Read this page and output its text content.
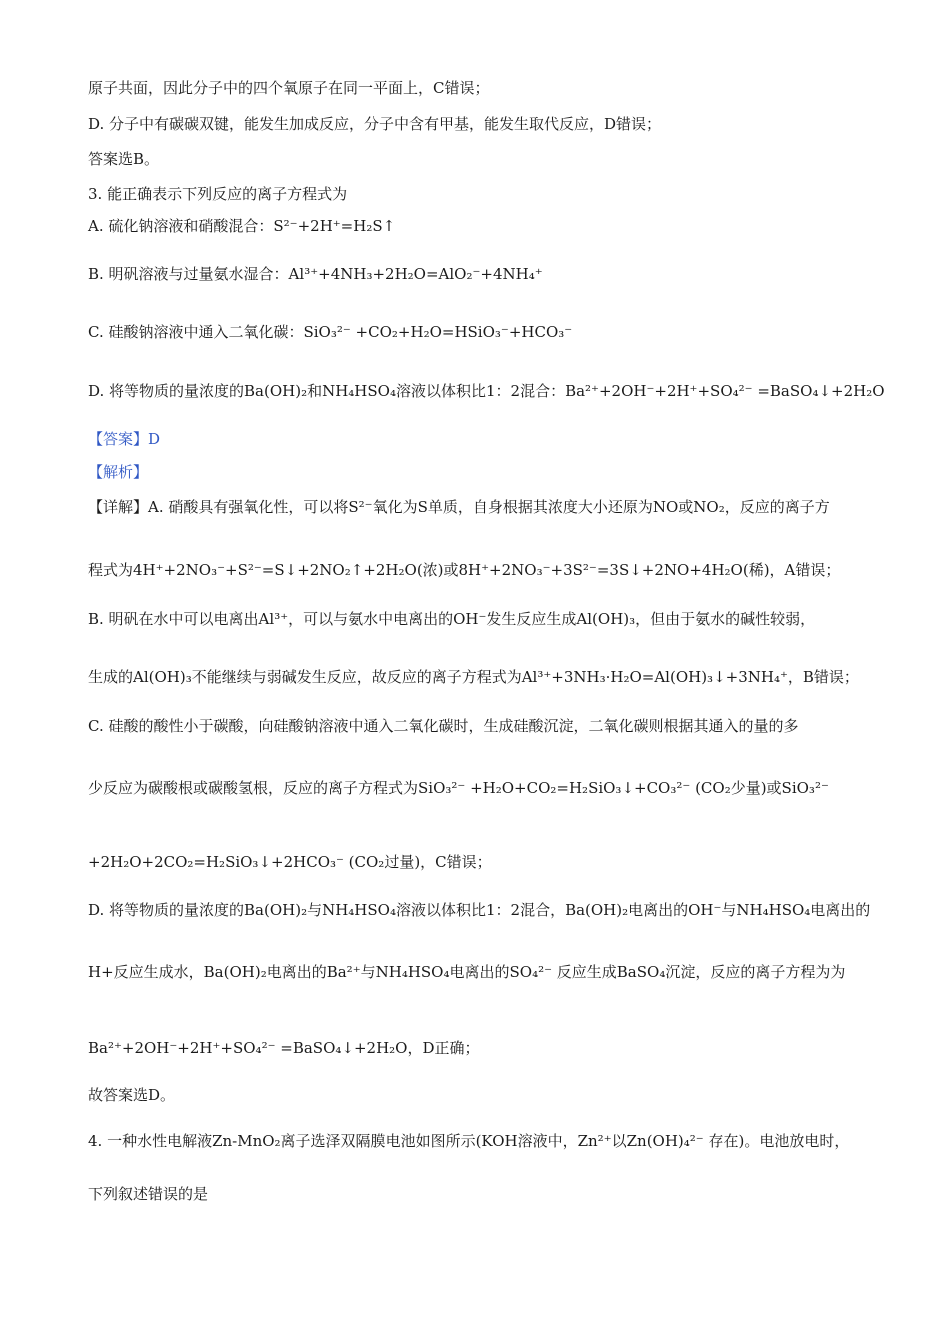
原子共面，因此分子中的四个氧原子在同一平面上，C错误；
D. 分子中有碳碳双键，能发生加成反应，分子中含有甲基，能发生取代反应，D错误；
答案选B。
3. 能正确表示下列反应的离子方程式为
A. 硫化钠溶液和硝酸混合：S²⁻+2H⁺=H₂S↑
B. 明矾溶液与过量氨水湿合：Al³⁺+4NH₃+2H₂O=AlO₂⁻+4NH₄⁺
C. 硅酸钠溶液中通入二氧化碳：SiO₃²⁻ +CO₂+H₂O=HSiO₃⁻+HCO₃⁻
D. 将等物质的量浓度的Ba(OH)₂和NH₄HSO₄溶液以体积比1：2混合：Ba²⁺+2OH⁻+2H⁺+SO₄²⁻ =BaSO₄↓+2H₂O
【答案】D
【解析】
【详解】A. 硝酸具有强氧化性，可以将S²⁻氧化为S单质，自身根据其浓度大小还原为NO或NO₂，反应的离子方
程式为4H⁺+2NO₃⁻+S²⁻=S↓+2NO₂↑+2H₂O(浓)或8H⁺+2NO₃⁻+3S²⁻=3S↓+2NO+4H₂O(稀)，A错误；
B. 明矾在水中可以电离出Al³⁺，可以与氨水中电离出的OH⁻发生反应生成Al(OH)₃，但由于氨水的碱性较弱，
生成的Al(OH)₃不能继续与弱碱发生反应，故反应的离子方程式为Al³⁺+3NH₃·H₂O=Al(OH)₃↓+3NH₄⁺，B错误；
C. 硅酸的酸性小于碳酸，向硅酸钠溶液中通入二氧化碳时，生成硅酸沉淀，二氧化碳则根据其通入的量的多
少反应为碳酸根或碳酸氢根，反应的离子方程式为SiO₃²⁻ +H₂O+CO₂=H₂SiO₃↓+CO₃²⁻ (CO₂少量)或SiO₃²⁻
+2H₂O+2CO₂=H₂SiO₃↓+2HCO₃⁻ (CO₂过量)，C错误；
D. 将等物质的量浓度的Ba(OH)₂与NH₄HSO₄溶液以体积比1：2混合，Ba(OH)₂电离出的OH⁻与NH₄HSO₄电离出的
H+反应生成水，Ba(OH)₂电离出的Ba²⁺与NH₄HSO₄电离出的SO₄²⁻ 反应生成BaSO₄沉淀，反应的离子方程为为
Ba²⁺+2OH⁻+2H⁺+SO₄²⁻ =BaSO₄↓+2H₂O，D正确；
故答案选D。
4. 一种水性电解液Zn-MnO₂离子选泽双隔膜电池如图所示(KOH溶液中，Zn²⁺以Zn(OH)₄²⁻ 存在)。电池放电时，
下列叙述错误的是
